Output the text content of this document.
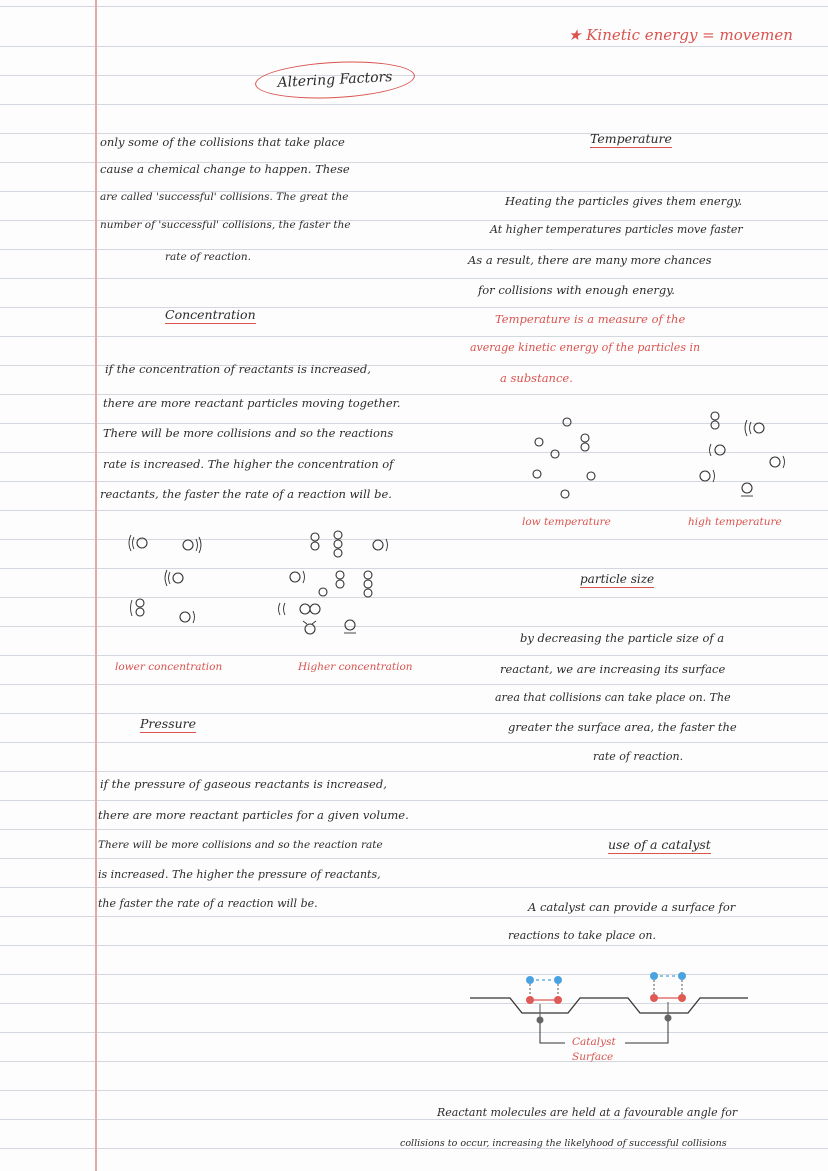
★ Kinetic energy = movemen
Altering Factors
only some of the collisions that take place
cause a chemical change to happen. These
are called 'successful' collisions. The great the
number of 'successful' collisions, the faster the
rate of reaction.
Concentration
if the concentration of reactants is increased,
there are more reactant particles moving together.
There will be more collisions and so the reactions
rate is increased. The higher the concentration of
reactants, the faster the rate of a reaction will be.
lower concentration	Higher concentration
Pressure
if the pressure of gaseous reactants is increased,
there are more reactant particles for a given volume.
There will be more collisions and so the reaction rate
is increased. The higher the pressure of reactants,
the faster the rate of a reaction will be.
Temperature
Heating the particles gives them energy.
At higher temperatures particles move faster
As a result, there are many more chances
for collisions with enough energy.
Temperature is a measure of the
average kinetic energy of the particles in
a substance.
low temperature	high temperature
particle size
by decreasing the particle size of a
reactant, we are increasing its surface
area that collisions can take place on. The
greater the surface area, the faster the
rate of reaction.
use of a catalyst
A catalyst can provide a surface for
reactions to take place on.
Catalyst
Surface
Reactant molecules are held at a favourable angle for
collisions to occur, increasing the likelyhood of successful collisions
